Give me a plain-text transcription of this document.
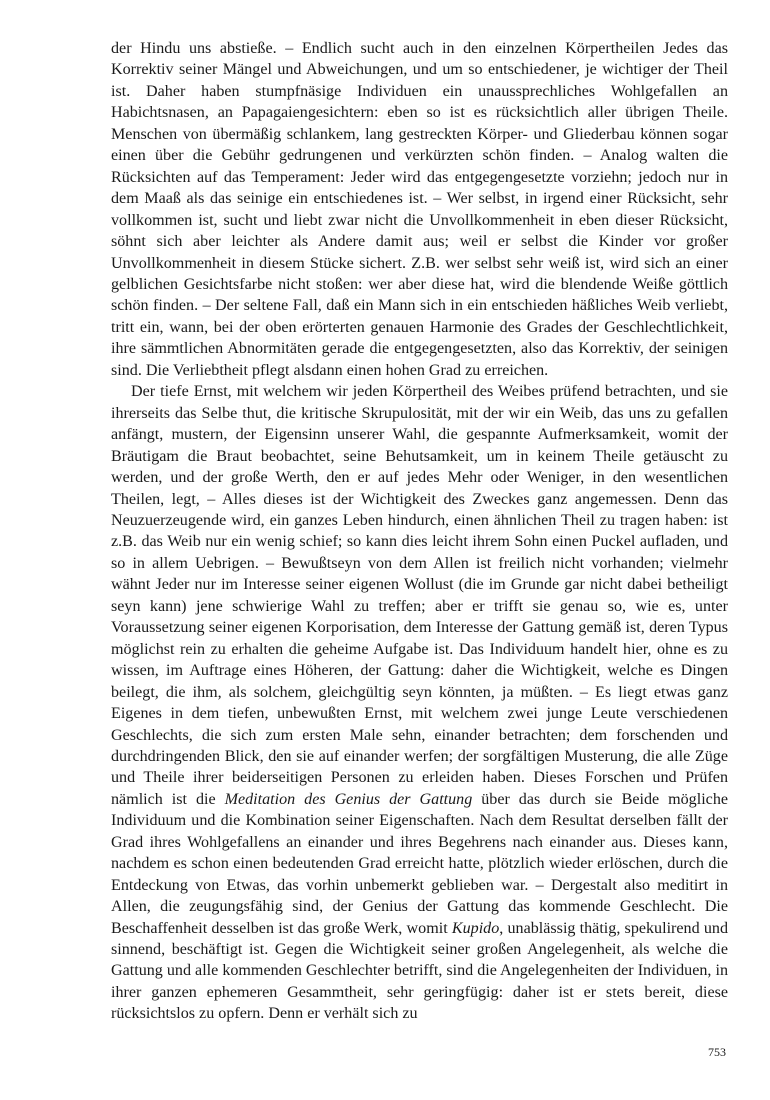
der Hindu uns abstieße. – Endlich sucht auch in den einzelnen Körpertheilen Jedes das Korrektiv seiner Mängel und Abweichungen, und um so entschiedener, je wichtiger der Theil ist. Daher haben stumpfnäsige Individuen ein unaussprechliches Wohlgefallen an Habichtsnasen, an Papagaiengesichtern: eben so ist es rücksichtlich aller übrigen Theile. Menschen von übermäßig schlankem, lang gestreckten Körper- und Gliederbau können sogar einen über die Gebühr gedrungenen und verkürzten schön finden. – Analog walten die Rücksichten auf das Temperament: Jeder wird das entgegengesetzte vorziehn; jedoch nur in dem Maaß als das seinige ein entschiedenes ist. – Wer selbst, in irgend einer Rücksicht, sehr vollkommen ist, sucht und liebt zwar nicht die Unvollkommenheit in eben dieser Rücksicht, söhnt sich aber leichter als Andere damit aus; weil er selbst die Kinder vor großer Unvollkommenheit in diesem Stücke sichert. Z.B. wer selbst sehr weiß ist, wird sich an einer gelblichen Gesichtsfarbe nicht stoßen: wer aber diese hat, wird die blendende Weiße göttlich schön finden. – Der seltene Fall, daß ein Mann sich in ein entschieden häßliches Weib verliebt, tritt ein, wann, bei der oben erörterten genauen Harmonie des Grades der Geschlechtlichkeit, ihre sämmtlichen Abnormitäten gerade die entgegengesetzten, also das Korrektiv, der seinigen sind. Die Verliebtheit pflegt alsdann einen hohen Grad zu erreichen.

Der tiefe Ernst, mit welchem wir jeden Körpertheil des Weibes prüfend betrachten, und sie ihrerseits das Selbe thut, die kritische Skrupulosität, mit der wir ein Weib, das uns zu gefallen anfängt, mustern, der Eigensinn unserer Wahl, die gespannte Aufmerksamkeit, womit der Bräutigam die Braut beobachtet, seine Behutsamkeit, um in keinem Theile getäuscht zu werden, und der große Werth, den er auf jedes Mehr oder Weniger, in den wesentlichen Theilen, legt, – Alles dieses ist der Wichtigkeit des Zweckes ganz angemessen. Denn das Neuzuerzeugende wird, ein ganzes Leben hindurch, einen ähnlichen Theil zu tragen haben: ist z.B. das Weib nur ein wenig schief; so kann dies leicht ihrem Sohn einen Puckel aufladen, und so in allem Uebrigen. – Bewußtseyn von dem Allen ist freilich nicht vorhanden; vielmehr wähnt Jeder nur im Interesse seiner eigenen Wollust (die im Grunde gar nicht dabei betheiligt seyn kann) jene schwierige Wahl zu treffen; aber er trifft sie genau so, wie es, unter Voraussetzung seiner eigenen Korporisation, dem Interesse der Gattung gemäß ist, deren Typus möglichst rein zu erhalten die geheime Aufgabe ist. Das Individuum handelt hier, ohne es zu wissen, im Auftrage eines Höheren, der Gattung: daher die Wichtigkeit, welche es Dingen beilegt, die ihm, als solchem, gleichgültig seyn könnten, ja müßten. – Es liegt etwas ganz Eigenes in dem tiefen, unbewußten Ernst, mit welchem zwei junge Leute verschiedenen Geschlechts, die sich zum ersten Male sehn, einander betrachten; dem forschenden und durchdringenden Blick, den sie auf einander werfen; der sorgfältigen Musterung, die alle Züge und Theile ihrer beiderseitigen Personen zu erleiden haben. Dieses Forschen und Prüfen nämlich ist die Meditation des Genius der Gattung über das durch sie Beide mögliche Individuum und die Kombination seiner Eigenschaften. Nach dem Resultat derselben fällt der Grad ihres Wohlgefallens an einander und ihres Begehrens nach einander aus. Dieses kann, nachdem es schon einen bedeutenden Grad erreicht hatte, plötzlich wieder erlöschen, durch die Entdeckung von Etwas, das vorhin unbemerkt geblieben war. – Dergestalt also meditirt in Allen, die zeugungsfähig sind, der Genius der Gattung das kommende Geschlecht. Die Beschaffenheit desselben ist das große Werk, womit Kupido, unablässig thätig, spekulirend und sinnend, beschäftigt ist. Gegen die Wichtigkeit seiner großen Angelegenheit, als welche die Gattung und alle kommenden Geschlechter betrifft, sind die Angelegenheiten der Individuen, in ihrer ganzen ephemeren Gesammtheit, sehr geringfügig: daher ist er stets bereit, diese rücksichtslos zu opfern. Denn er verhält sich zu

753
